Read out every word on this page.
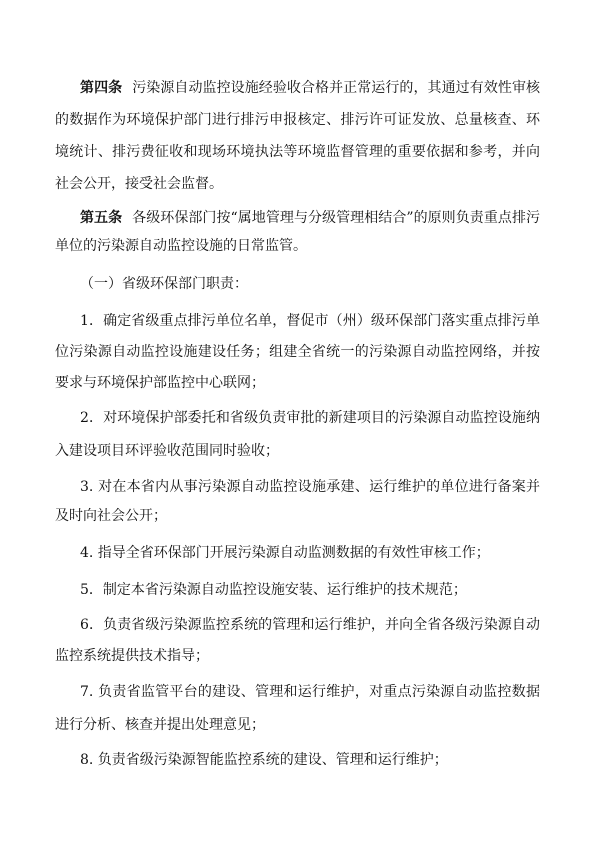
第四条 污染源自动监控设施经验收合格并正常运行的，其通过有效性审核
的数据作为环境保护部门进行排污申报核定、排污许可证发放、总量核查、环
境统计、排污费征收和现场环境执法等环境监督管理的重要依据和参考，并向
社会公开，接受社会监督。
第五条 各级环保部门按“属地管理与分级管理相结合”的原则负责重点排污
单位的污染源自动监控设施的日常监管。
（一）省级环保部门职责：
1．确定省级重点排污单位名单，督促市（州）级环保部门落实重点排污单
位污染源自动监控设施建设任务；组建全省统一的污染源自动监控网络，并按
要求与环境保护部监控中心联网；
2．对环境保护部委托和省级负责审批的新建项目的污染源自动监控设施纳
入建设项目环评验收范围同时验收；
3. 对在本省内从事污染源自动监控设施承建、运行维护的单位进行备案并
及时向社会公开；
4. 指导全省环保部门开展污染源自动监测数据的有效性审核工作；
5．制定本省污染源自动监控设施安装、运行维护的技术规范；
6．负责省级污染源监控系统的管理和运行维护，并向全省各级污染源自动
监控系统提供技术指导；
7. 负责省监管平台的建设、管理和运行维护，对重点污染源自动监控数据
进行分析、核查并提出处理意见；
8. 负责省级污染源智能监控系统的建设、管理和运行维护；
